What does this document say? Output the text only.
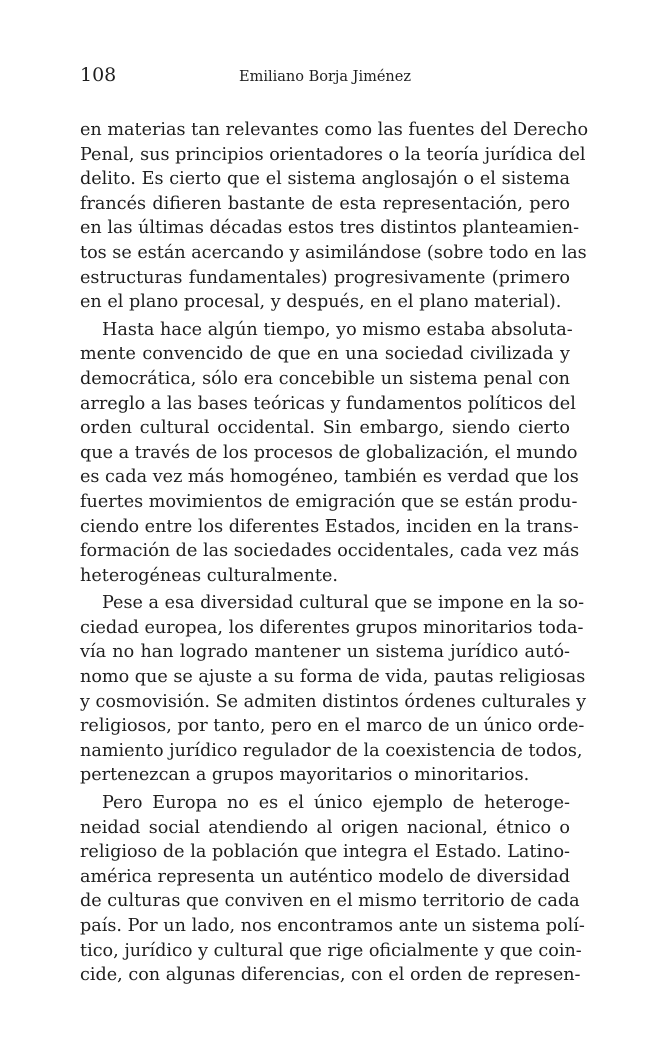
108	Emiliano Borja Jiménez
en materias tan relevantes como las fuentes del Derecho
Penal, sus principios orientadores o la teoría jurídica del
delito. Es cierto que el sistema anglosajón o el sistema
francés difieren bastante de esta representación, pero
en las últimas décadas estos tres distintos planteamien-
tos se están acercando y asimilándose (sobre todo en las
estructuras fundamentales) progresivamente (primero
en el plano procesal, y después, en el plano material).
Hasta hace algún tiempo, yo mismo estaba absoluta-
mente convencido de que en una sociedad civilizada y
democrática, sólo era concebible un sistema penal con
arreglo a las bases teóricas y fundamentos políticos del
orden cultural occidental. Sin embargo, siendo cierto
que a través de los procesos de globalización, el mundo
es cada vez más homogéneo, también es verdad que los
fuertes movimientos de emigración que se están produ-
ciendo entre los diferentes Estados, inciden en la trans-
formación de las sociedades occidentales, cada vez más
heterogéneas culturalmente.
Pese a esa diversidad cultural que se impone en la so-
ciedad europea, los diferentes grupos minoritarios toda-
vía no han logrado mantener un sistema jurídico autó-
nomo que se ajuste a su forma de vida, pautas religiosas
y cosmovisión. Se admiten distintos órdenes culturales y
religiosos, por tanto, pero en el marco de un único orde-
namiento jurídico regulador de la coexistencia de todos,
pertenezcan a grupos mayoritarios o minoritarios.
Pero Europa no es el único ejemplo de heteroge-
neidad social atendiendo al origen nacional, étnico o
religioso de la población que integra el Estado. Latino-
américa representa un auténtico modelo de diversidad
de culturas que conviven en el mismo territorio de cada
país. Por un lado, nos encontramos ante un sistema polí-
tico, jurídico y cultural que rige oficialmente y que coin-
cide, con algunas diferencias, con el orden de represen-
